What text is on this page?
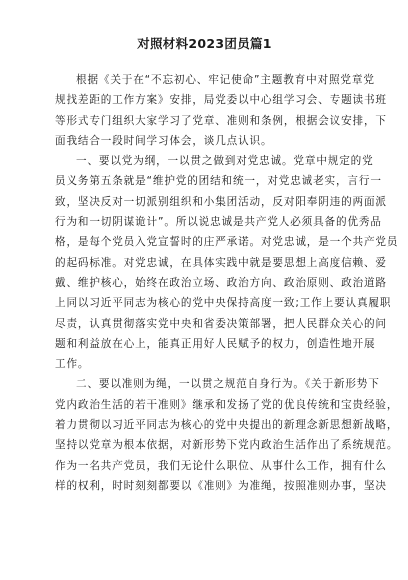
对照材料2023团员篇1

根据《关于在“不忘初心、牢记使命”主题教育中对照党章党
规找差距的工作方案》安排，局党委以中心组学习会、专题读书班
等形式专门组织大家学习了党章、准则和条例，根据会议安排，下
面我结合一段时间学习体会，谈几点认识。

一、要以党为纲，一以贯之做到对党忠诚。党章中规定的党
员义务第五条就是“维护党的团结和统一，对党忠诚老实，言行一
致，坚决反对一切派别组织和小集团活动，反对阳奉阴违的两面派
行为和一切阴谋诡计”。所以说忠诚是共产党人必须具备的优秀品
格，是每个党员入党宣誓时的庄严承诺。对党忠诚，是一个共产党员
的起码标准。对党忠诚，在具体实践中就是要思想上高度信赖、爱
戴、维护核心，始终在政治立场、政治方向、政治原则、政治道路
上同以习近平同志为核心的党中央保持高度一致;工作上要认真履职
尽责，认真贯彻落实党中央和省委决策部署，把人民群众关心的问
题和利益放在心上，能真正用好人民赋予的权力，创造性地开展
工作。

二、要以准则为绳，一以贯之规范自身行为。《关于新形势下
党内政治生活的若干准则》继承和发扬了党的优良传统和宝贵经验，
着力贯彻以习近平同志为核心的党中央提出的新理念新思想新战略，
坚持以党章为根本依据，对新形势下党内政治生活作出了系统规范。
作为一名共产党员，我们无论什么职位、从事什么工作，拥有什么
样的权利，时时刻刻都要以《准则》为准绳，按照准则办事，坚决
